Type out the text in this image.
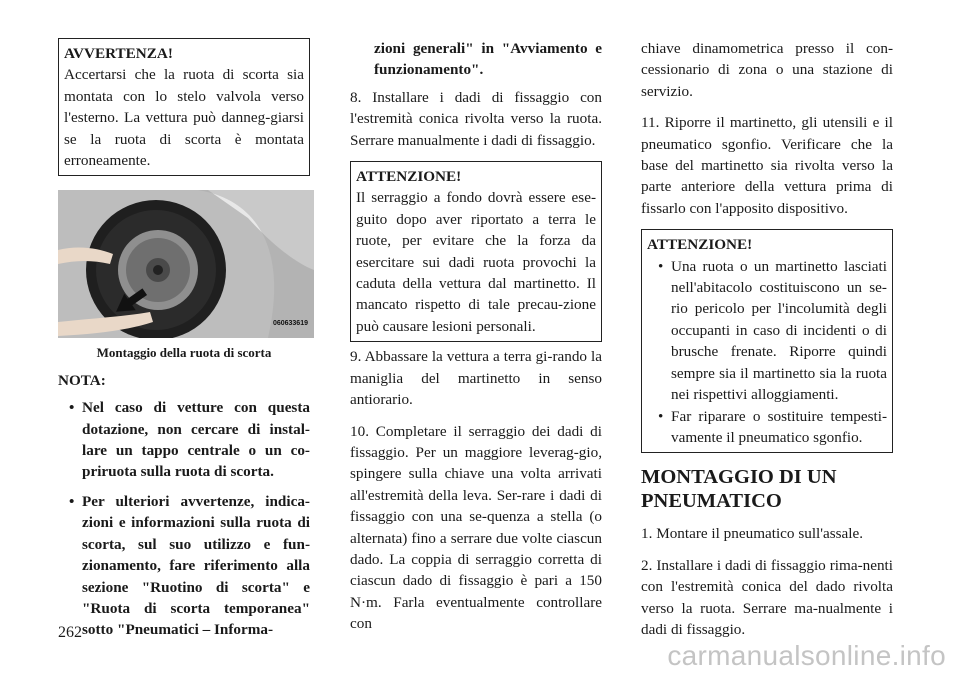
AVVERTENZA!

Accertarsi che la ruota di scorta sia montata con lo stelo valvola verso l'esterno. La vettura può danneg-giarsi se la ruota di scorta è montata erroneamente.

060633619
Montaggio della ruota di scorta
NOTA:
• Nel caso di vetture con questa dotazione, non cercare di instal-lare un tappo centrale o un co-priruota sulla ruota di scorta.
• Per ulteriori avvertenze, indica-zioni e informazioni sulla ruota di scorta, sul suo utilizzo e fun-zionamento, fare riferimento alla sezione "Ruotino di scorta" e "Ruota di scorta temporanea" sotto "Pneumatici – Informa-

zioni generali" in "Avviamento e funzionamento".

8. Installare i dadi di fissaggio con l'estremità conica rivolta verso la ruota. Serrare manualmente i dadi di fissaggio.

ATTENZIONE!

Il serraggio a fondo dovrà essere ese-guito dopo aver riportato a terra le ruote, per evitare che la forza da esercitare sui dadi ruota provochi la caduta della vettura dal martinetto. Il mancato rispetto di tale precau-zione può causare lesioni personali.

9. Abbassare la vettura a terra gi-rando la maniglia del martinetto in senso antiorario.

10. Completare il serraggio dei dadi di fissaggio. Per un maggiore leverag-gio, spingere sulla chiave una volta arrivati all'estremità della leva. Ser-rare i dadi di fissaggio con una se-quenza a stella (o alternata) fino a serrare due volte ciascun dado. La coppia di serraggio corretta di ciascun dado di fissaggio è pari a 150 N·m. Farla eventualmente controllare con

chiave dinamometrica presso il con-cessionario di zona o una stazione di servizio.

11. Riporre il martinetto, gli utensili e il pneumatico sgonfio. Verificare che la base del martinetto sia rivolta verso la parte anteriore della vettura prima di fissarlo con l'apposito dispositivo.

ATTENZIONE!
• Una ruota o un martinetto lasciati nell'abitacolo costituiscono un se-rio pericolo per l'incolumità degli occupanti in caso di incidenti o di brusche frenate. Riporre quindi sempre sia il martinetto sia la ruota nei rispettivi alloggiamenti.
• Far riparare o sostituire tempesti-vamente il pneumatico sgonfio.
MONTAGGIO DI UN PNEUMATICO

1. Montare il pneumatico sull'assale.

2. Installare i dadi di fissaggio rima-nenti con l'estremità conica del dado rivolta verso la ruota. Serrare ma-nualmente i dadi di fissaggio.

262
carmanualsonline.info
